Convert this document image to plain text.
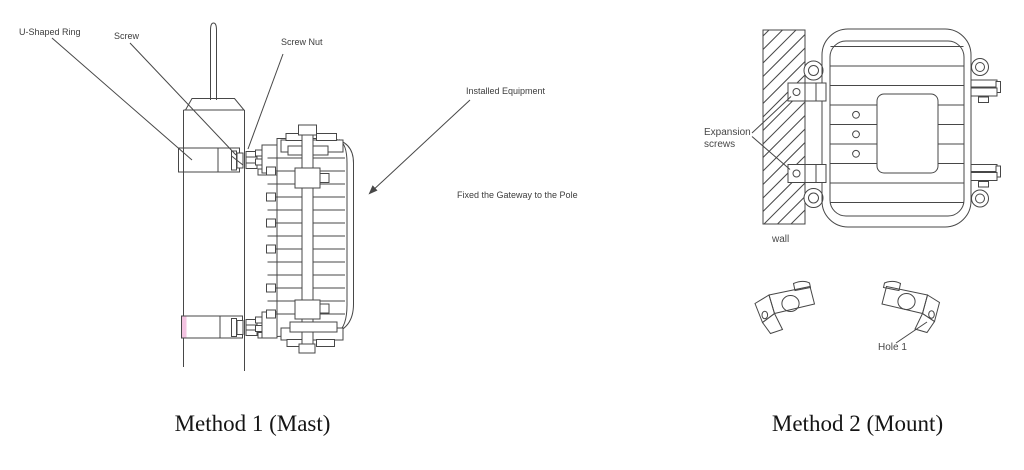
U-Shaped Ring	Screw
Screw Nut
Installed Equipment
Fixed the Gateway to the Pole
Expansion screws
wall
Hole 1
Method 1 (Mast)	Method 2 (Mount)
